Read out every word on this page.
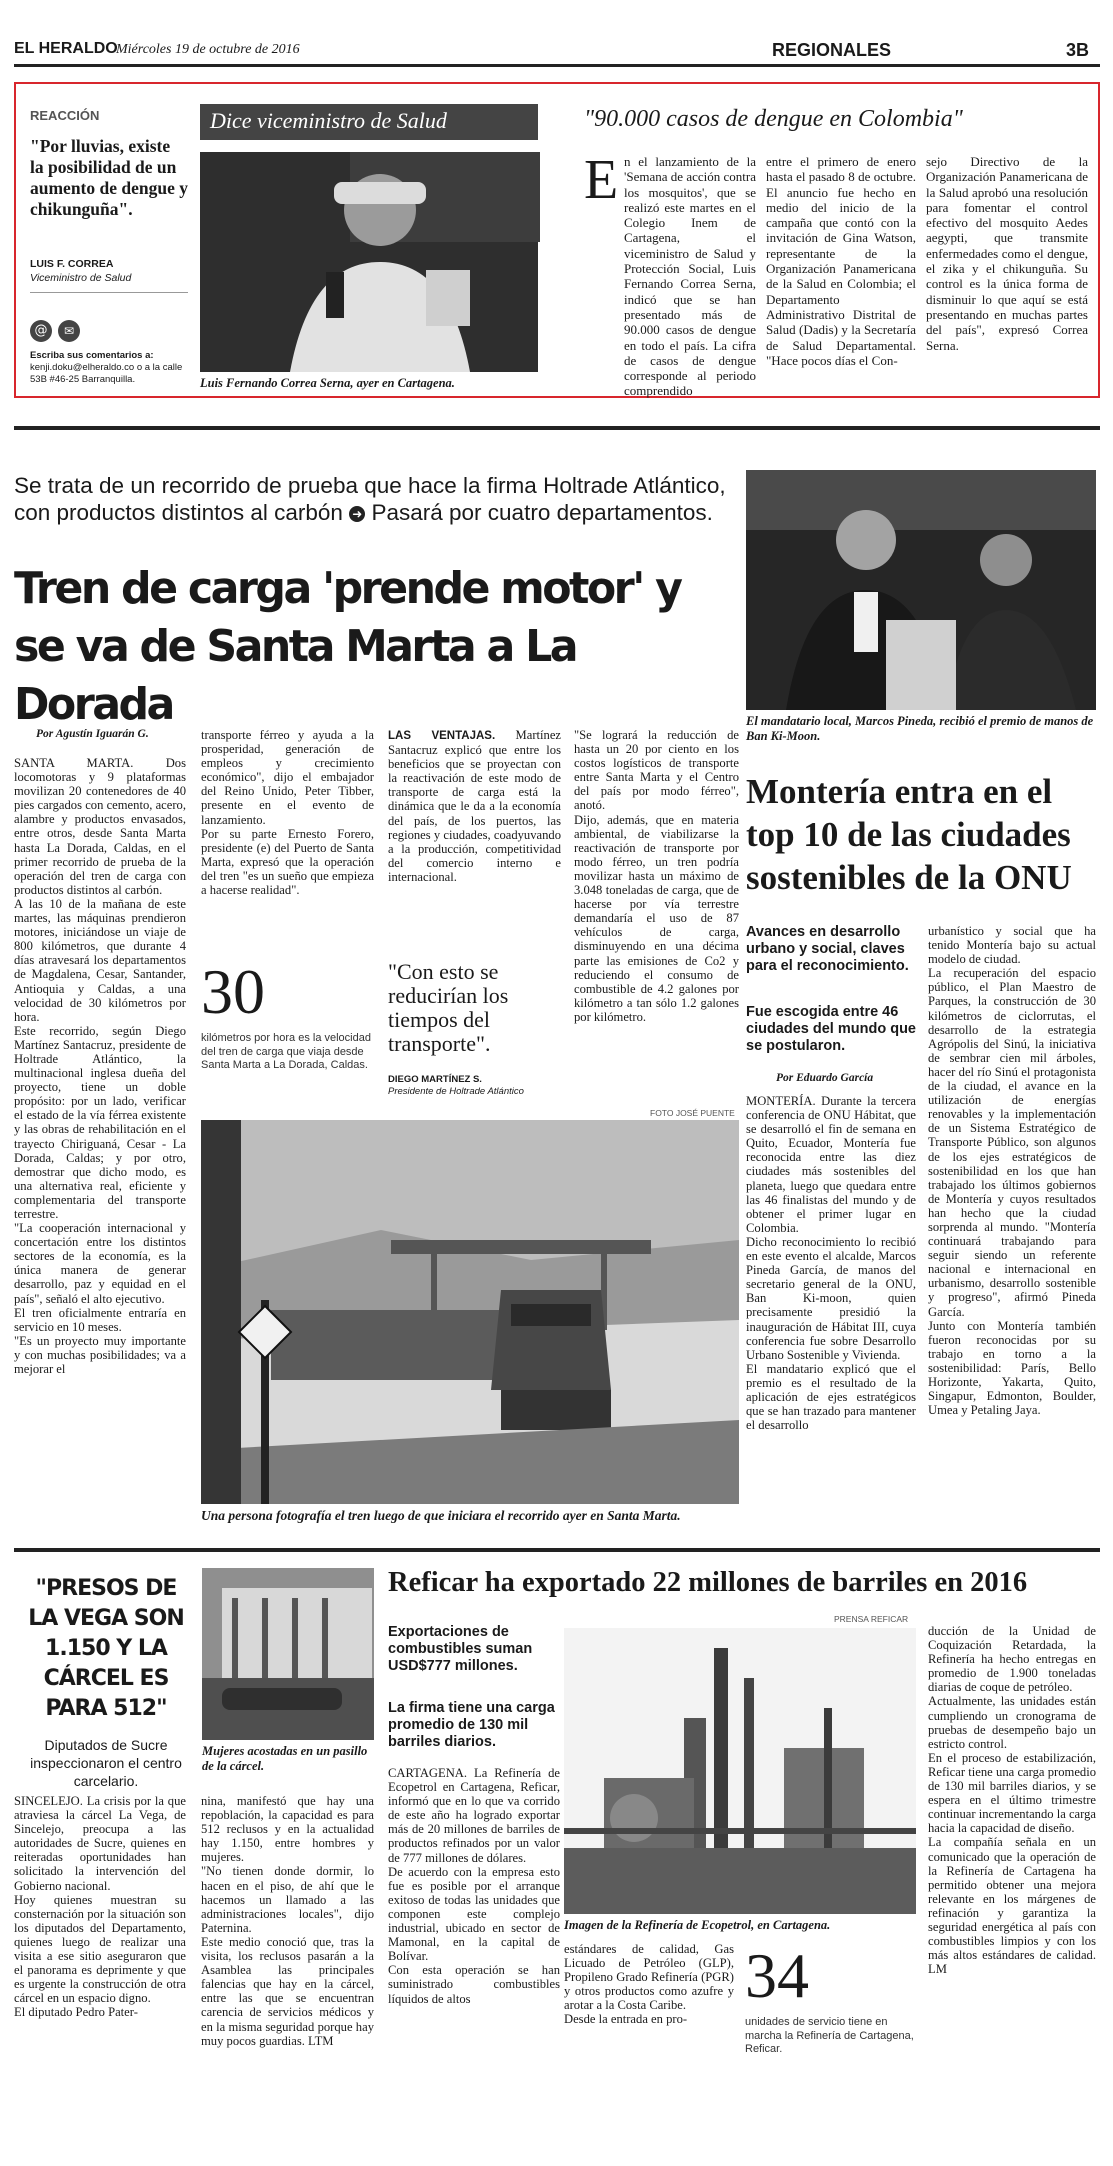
EL HERALDO
Miércoles 19 de octubre de 2016	REGIONALES	3B
REACCIÓN
"Por lluvias, existe la posibilidad de un aumento de dengue y chikunguña".
LUIS F. CORREA
Viceministro de Salud
@	✉
Escriba sus comentarios a:
kenji.doku@elheraldo.co o a la calle 53B #46-25 Barranquilla.
Dice viceministro de Salud
Luis Fernando Correa Serna, ayer en Cartagena.
"90.000 casos de dengue en Colombia"
E n el lanzamiento de la 'Semana de acción contra los mosquitos', que se realizó este martes en el Colegio Inem de Cartagena, el viceministro de Salud y Protección Social, Luis Fernando Correa Serna, indicó que se han presentado más de 90.000 casos de dengue en todo el país. La cifra de casos de dengue corresponde al periodo comprendido
entre el primero de enero hasta el pasado 8 de octubre. El anuncio fue hecho en medio del inicio de la campaña que contó con la invitación de Gina Watson, representante de la Organización Panamericana de la Salud en Colombia; el Departamento Administrativo Distrital de Salud (Dadis) y la Secretaría de Salud Departamental. "Hace pocos días el Con-
sejo Directivo de la Organización Panamericana de la Salud aprobó una resolución para fomentar el control efectivo del mosquito Aedes aegypti, que transmite enfermedades como el dengue, el zika y el chikunguña. Su control es la única forma de disminuir lo que aquí se está presentando en muchas partes del país", expresó Correa Serna.
Se trata de un recorrido de prueba que hace la firma Holtrade Atlántico, con productos distintos al carbón ➜ Pasará por cuatro departamentos.
Tren de carga 'prende motor' y se va de Santa Marta a La Dorada
Por Agustín Iguarán G.
SANTA MARTA. Dos locomotoras y 9 plataformas movilizan 20 contenedores de 40 pies cargados con cemento, acero, alambre y productos envasados, entre otros, desde Santa Marta hasta La Dorada, Caldas, en el primer recorrido de prueba de la operación del tren de carga con productos distintos al carbón.
A las 10 de la mañana de este martes, las máquinas prendieron motores, iniciándose un viaje de 800 kilómetros, que durante 4 días atravesará los departamentos de Magdalena, Cesar, Santander, Antioquia y Caldas, a una velocidad de 30 kilómetros por hora.
Este recorrido, según Diego Martínez Santacruz, presidente de Holtrade Atlántico, la multinacional inglesa dueña del proyecto, tiene un doble propósito: por un lado, verificar el estado de la vía férrea existente y las obras de rehabilitación en el trayecto Chiriguaná, Cesar - La Dorada, Caldas; y por otro, demostrar que dicho modo, es una alternativa real, eficiente y complementaria del transporte terrestre.
"La cooperación internacional y concertación entre los distintos sectores de la economía, es la única manera de generar desarrollo, paz y equidad en el país", señaló el alto ejecutivo.
El tren oficialmente entraría en servicio en 10 meses.
"Es un proyecto muy importante y con muchas posibilidades; va a mejorar el
transporte férreo y ayuda a la prosperidad, generación de empleos y crecimiento económico", dijo el embajador del Reino Unido, Peter Tibber, presente en el evento de lanzamiento.
Por su parte Ernesto Forero, presidente (e) del Puerto de Santa Marta, expresó que la operación del tren "es un sueño que empieza a hacerse realidad".
LAS VENTAJAS. Martínez Santacruz explicó que entre los beneficios que se proyectan con la reactivación de este modo de transporte de carga está la dinámica que le da a la economía del país, de los puertos, las regiones y ciudades, coadyuvando a la producción, competitividad del comercio interno e internacional.
"Se logrará la reducción de hasta un 20 por ciento en los costos logísticos de transporte entre Santa Marta y el Centro del país por modo férreo", anotó.
Dijo, además, que en materia ambiental, de viabilizarse la reactivación de transporte por modo férreo, un tren podría movilizar hasta un máximo de 3.048 toneladas de carga, que de hacerse por vía terrestre demandaría el uso de 87 vehículos de carga, disminuyendo en una décima parte las emisiones de Co2 y reduciendo el consumo de combustible de 4.2 galones por kilómetro a tan sólo 1.2 galones por kilómetro.
30
kilómetros por hora es la velocidad del tren de carga que viaja desde Santa Marta a La Dorada, Caldas.
"Con esto se reducirían los tiempos del transporte".
DIEGO MARTÍNEZ S.
Presidente de Holtrade Atlántico
FOTO JOSÉ PUENTE
Una persona fotografía el tren luego de que iniciara el recorrido ayer en Santa Marta.
El mandatario local, Marcos Pineda, recibió el premio de manos de Ban Ki-Moon.
Montería entra en el top 10 de las ciudades sostenibles de la ONU
Avances en desarrollo urbano y social, claves para el reconocimiento.
Fue escogida entre 46 ciudades del mundo que se postularon.
Por Eduardo García
MONTERÍA. Durante la tercera conferencia de ONU Hábitat, que se desarrolló el fin de semana en Quito, Ecuador, Montería fue reconocida entre las diez ciudades más sostenibles del planeta, luego que quedara entre las 46 finalistas del mundo y de obtener el primer lugar en Colombia.
Dicho reconocimiento lo recibió en este evento el alcalde, Marcos Pineda García, de manos del secretario general de la ONU, Ban Ki-moon, quien precisamente presidió la inauguración de Hábitat III, cuya conferencia fue sobre Desarrollo Urbano Sostenible y Vivienda.
El mandatario explicó que el premio es el resultado de la aplicación de ejes estratégicos que se han trazado para mantener el desarrollo
urbanístico y social que ha tenido Montería bajo su actual modelo de ciudad.
La recuperación del espacio público, el Plan Maestro de Parques, la construcción de 30 kilómetros de ciclorrutas, el desarrollo de la estrategia Agrópolis del Sinú, la iniciativa de sembrar cien mil árboles, hacer del río Sinú el protagonista de la ciudad, el avance en la utilización de energías renovables y la implementación de un Sistema Estratégico de Transporte Público, son algunos de los ejes estratégicos de sostenibilidad en los que han trabajado los últimos gobiernos de Montería y cuyos resultados han hecho que la ciudad sorprenda al mundo. "Montería continuará trabajando para seguir siendo un referente nacional e internacional en urbanismo, desarrollo sostenible y progreso", afirmó Pineda García.
Junto con Montería también fueron reconocidas por su trabajo en torno a la sostenibilidad: París, Bello Horizonte, Yakarta, Quito, Singapur, Edmonton, Boulder, Umea y Petaling Jaya.
"PRESOS DE LA VEGA SON 1.150 Y LA CÁRCEL ES PARA 512"
Diputados de Sucre inspeccionaron el centro carcelario.
Mujeres acostadas en un pasillo de la cárcel.
SINCELEJO. La crisis por la que atraviesa la cárcel La Vega, de Sincelejo, preocupa a las autoridades de Sucre, quienes en reiteradas oportunidades han solicitado la intervención del Gobierno nacional.
Hoy quienes muestran su consternación por la situación son los diputados del Departamento, quienes luego de realizar una visita a ese sitio aseguraron que el panorama es deprimente y que es urgente la construcción de otra cárcel en un espacio digno.
El diputado Pedro Pater-
nina, manifestó que hay una repoblación, la capacidad es para 512 reclusos y en la actualidad hay 1.150, entre hombres y mujeres.
"No tienen donde dormir, lo hacen en el piso, de ahí que le hacemos un llamado a las administraciones locales", dijo Paternina.
Este medio conoció que, tras la visita, los reclusos pasarán a la Asamblea las principales falencias que hay en la cárcel, entre las que se encuentran carencia de servicios médicos y en la misma seguridad porque hay muy pocos guardias. LTM
Reficar ha exportado 22 millones de barriles en 2016
PRENSA REFICAR
Exportaciones de combustibles suman USD$777 millones.
La firma tiene una carga promedio de 130 mil barriles diarios.
Imagen de la Refinería de Ecopetrol, en Cartagena.
CARTAGENA. La Refinería de Ecopetrol en Cartagena, Reficar, informó que en lo que va corrido de este año ha logrado exportar más de 20 millones de barriles de productos refinados por un valor de 777 millones de dólares.
De acuerdo con la empresa esto fue es posible por el arranque exitoso de todas las unidades que componen este complejo industrial, ubicado en sector de Mamonal, en la capital de Bolívar.
Con esta operación se han suministrado combustibles líquidos de altos
estándares de calidad, Gas Licuado de Petróleo (GLP), Propileno Grado Refinería (PGR) y otros productos como azufre y arotar a la Costa Caribe.
Desde la entrada en pro-
34
unidades de servicio tiene en marcha la Refinería de Cartagena, Reficar.
ducción de la Unidad de Coquización Retardada, la Refinería ha hecho entregas en promedio de 1.900 toneladas diarias de coque de petróleo.
Actualmente, las unidades están cumpliendo un cronograma de pruebas de desempeño bajo un estricto control.
En el proceso de estabilización, Reficar tiene una carga promedio de 130 mil barriles diarios, y se espera en el último trimestre continuar incrementando la carga hacia la capacidad de diseño.
La compañía señala en un comunicado que la operación de la Refinería de Cartagena ha permitido obtener una mejora relevante en los márgenes de refinación y garantiza la seguridad energética al país con combustibles limpios y con los más altos estándares de calidad. LM
